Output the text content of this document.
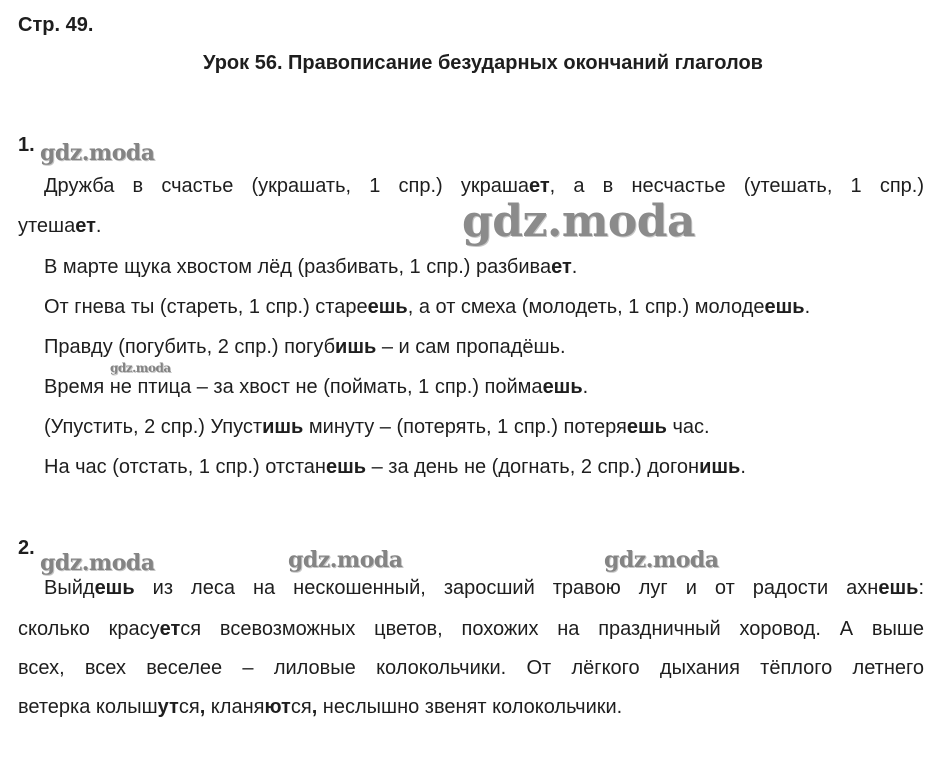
Стр. 49.
Урок 56. Правописание безударных окончаний глаголов
1.
Дружба в счастье (украшать, 1 спр.) украшает, а в несчастье (утешать, 1 спр.)
утешает.
В марте щука хвостом лёд (разбивать, 1 спр.) разбивает.
От гнева ты (стареть, 1 спр.) стареешь, а от смеха (молодеть, 1 спр.) молодеешь.
Правду (погубить, 2 спр.) погубишь – и сам пропадёшь.
Время не птица – за хвост не (поймать, 1 спр.) поймаешь.
(Упустить, 2 спр.) Упустишь минуту – (потерять, 1 спр.) потеряешь час.
На час (отстать, 1 спр.) отстанешь – за день не (догнать, 2 спр.) догонишь.
2.
Выйдешь из леса на нескошенный, заросший травою луг и от радости ахнешь:
сколько красуется всевозможных цветов, похожих на праздничный хоровод. А выше
всех, всех веселее – лиловые колокольчики. От лёгкого дыхания тёплого летнего
ветерка колышутся, кланяются, неслышно звенят колокольчики.
gdz.moda
gdz.moda
gdz.moda
gdz.moda	gdz.moda	gdz.moda
